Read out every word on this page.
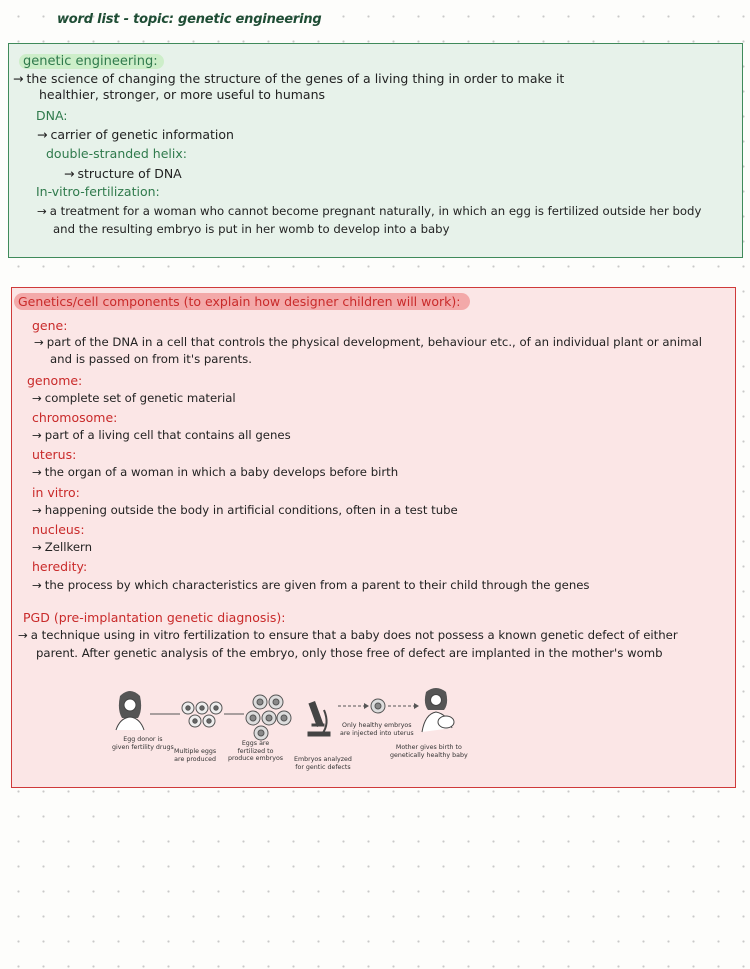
word list - topic: genetic engineering
genetic engineering:
→ the science of changing the structure of the genes of a living thing in order to make it
healthier, stronger, or more useful to humans
DNA:
→ carrier of genetic information
double-stranded helix:
→ structure of DNA
In-vitro-fertilization:
→ a treatment for a woman who cannot become pregnant naturally, in which an egg is fertilized outside her body
and the resulting embryo is put in her womb to develop into a baby
Genetics/cell components (to explain how designer children will work):
gene:
→ part of the DNA in a cell that controls the physical development, behaviour etc., of an individual plant or animal
and is passed on from it's parents.
genome:
→ complete set of genetic material
chromosome:
→ part of a living cell that contains all genes
uterus:
→ the organ of a woman in which a baby develops before birth
in vitro:
→ happening outside the body in artificial conditions, often in a test tube
nucleus:
→ Zellkern
heredity:
→ the process by which characteristics are given from a parent to their child through the genes
PGD (pre-implantation genetic diagnosis):
→ a technique using in vitro fertilization to ensure that a baby does not possess a known genetic defect of either
parent. After genetic analysis of the embryo, only those free of defect are implanted in the mother's womb
Egg donor is
given fertility drugs
Multiple eggs
are produced
Eggs are
fertilized to
produce embryos Embryos analyzed
for gentic defects
Only healthy embryos
are injected into uterus
Mother gives birth to
genetically healthy baby
